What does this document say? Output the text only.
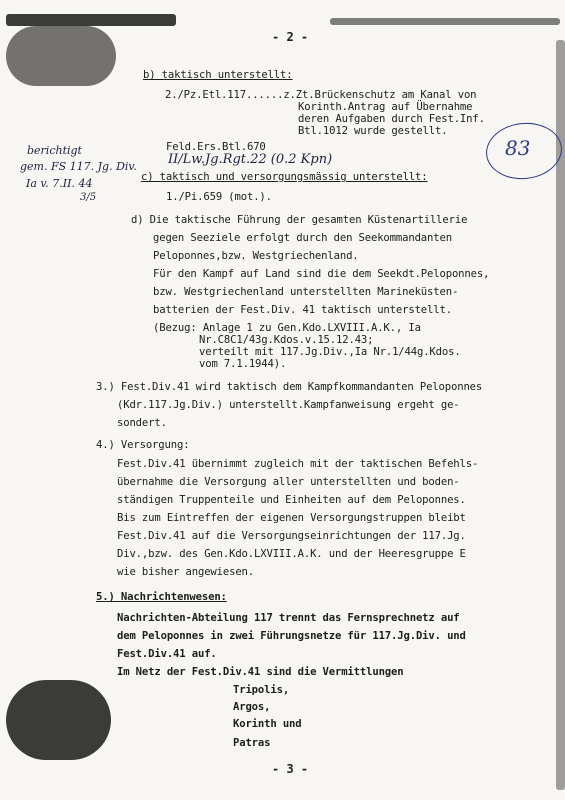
- 2 -
b) taktisch unterstellt:
2./Pz.Etl.117......z.Zt.Brückenschutz am Kanal von
Korinth.Antrag auf Übernahme
deren Aufgaben durch Fest.Inf.
Btl.1012 wurde gestellt.
Feld.Ers.Btl.670
c) taktisch und versorgungsmässig unterstellt:
1./Pi.659 (mot.).
d) Die taktische Führung der gesamten Küstenartillerie
gegen Seeziele erfolgt durch den Seekommandanten
Peloponnes,bzw. Westgriechenland.
Für den Kampf auf Land sind die dem Seekdt.Peloponnes,
bzw. Westgriechenland unterstellten Marineküsten-
batterien der Fest.Div. 41 taktisch unterstellt.
(Bezug: Anlage 1 zu Gen.Kdo.LXVIII.A.K., Ia
Nr.C8C1/43g.Kdos.v.15.12.43;
verteilt mit 117.Jg.Div.,Ia Nr.1/44g.Kdos.
vom 7.1.1944).
3.) Fest.Div.41 wird taktisch dem Kampfkommandanten Peloponnes
(Kdr.117.Jg.Div.) unterstellt.Kampfanweisung ergeht ge-
sondert.
4.) Versorgung:
Fest.Div.41 übernimmt zugleich mit der taktischen Befehls-
übernahme die Versorgung aller unterstellten und boden-
ständigen Truppenteile und Einheiten auf dem Peloponnes.
Bis zum Eintreffen der eigenen Versorgungstruppen bleibt
Fest.Div.41 auf die Versorgungseinrichtungen der 117.Jg.
Div.,bzw. des Gen.Kdo.LXVIII.A.K. und der Heeresgruppe E
wie bisher angewiesen.
5.) Nachrichtenwesen:
Nachrichten-Abteilung 117 trennt das Fernsprechnetz auf
dem Peloponnes in zwei Führungsnetze für 117.Jg.Div. und
Fest.Div.41 auf.
Im Netz der Fest.Div.41 sind die Vermittlungen
Tripolis,
Argos,
Korinth und
Patras
berichtigt
gem. FS 117. Jg. Div.
Ia v. 7.II. 44
3/5
II/Lw.Jg.Rgt.22 (0.2 Kpn)	83
- 3 -
